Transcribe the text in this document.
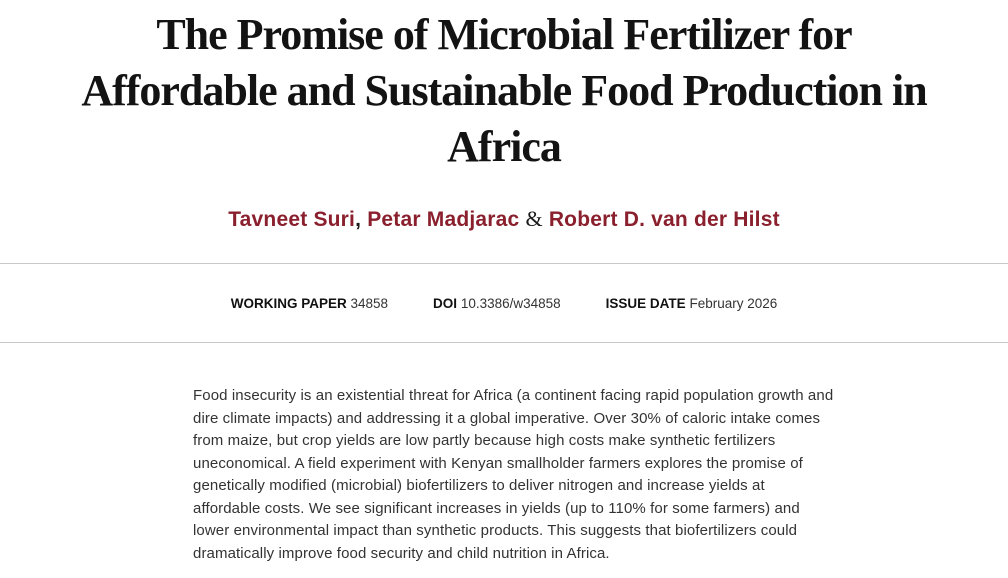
The Promise of Microbial Fertilizer for
Affordable and Sustainable Food Production in
Africa
Tavneet Suri, Petar Madjarac & Robert D. van der Hilst
WORKING PAPER 34858	DOI 10.3386/w34858	ISSUE DATE February 2026

Food insecurity is an existential threat for Africa (a continent facing rapid population growth and dire climate impacts) and addressing it a global imperative. Over 30% of caloric intake comes from maize, but crop yields are low partly because high costs make synthetic fertilizers uneconomical. A field experiment with Kenyan smallholder farmers explores the promise of genetically modified (microbial) biofertilizers to deliver nitrogen and increase yields at affordable costs. We see significant increases in yields (up to 110% for some farmers) and lower environmental impact than synthetic products. This suggests that biofertilizers could dramatically improve food security and child nutrition in Africa.
